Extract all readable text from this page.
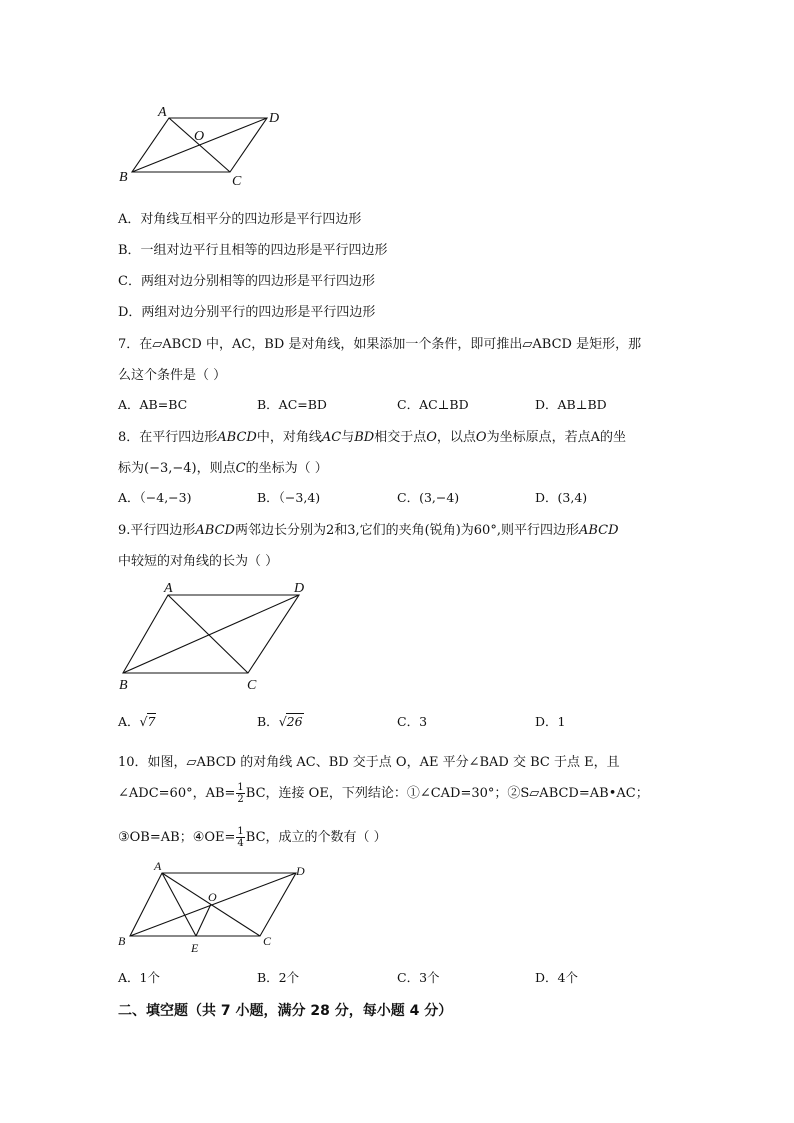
A	D
O
B	C
A．对角线互相平分的四边形是平行四边形
B．一组对边平行且相等的四边形是平行四边形
C．两组对边分别相等的四边形是平行四边形
D．两组对边分别平行的四边形是平行四边形
7．在▱ABCD 中，AC，BD 是对角线，如果添加一个条件，即可推出▱ABCD 是矩形，那
么这个条件是（ ）
A．AB=BC	B．AC=BD	C．AC⊥BD	D．AB⊥BD
8．在平行四边形ABCD中，对角线AC与BD相交于点O，以点O为坐标原点，若点A的坐
标为(−3,−4)，则点C的坐标为（ ）
A．（−4,−3)	B．（−3,4)	C．(3,−4)	D．(3,4)
9.平行四边形ABCD两邻边长分别为2和3,它们的夹角(锐角)为60°,则平行四边形ABCD
中较短的对角线的长为（ ）
A	D
B	C
A．√7	B．√26	C．3	D．1
10．如图，▱ABCD 的对角线 AC、BD 交于点 O，AE 平分∠BAD 交 BC 于点 E，且
∠ADC=60°，$AB= \frac{1}{2}$ BC，连接 OE，下列结论：①∠CAD=30°；②S▱ABCD=AB•AC；
③OB=AB；④OE= $\frac{1}{4}$ BC，成立的个数有（ ）
A	D
O
B	E	C
A．1个	B．2个	C．3个	D．4个
二、填空题（共 7 小题，满分 28 分，每小题 4 分）
